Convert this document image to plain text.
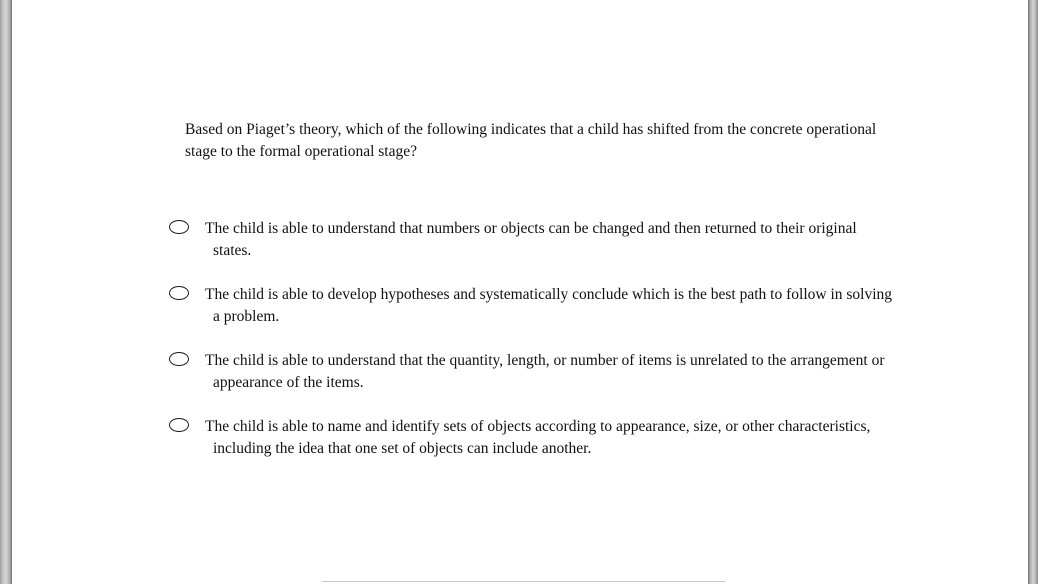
Based on Piaget’s theory, which of the following indicates that a child has shifted from the concrete operational stage to the formal operational stage?

The child is able to understand that numbers or objects can be changed and then returned to their original states.
The child is able to develop hypotheses and systematically conclude which is the best path to follow in solving a problem.
The child is able to understand that the quantity, length, or number of items is unrelated to the arrangement or appearance of the items.
The child is able to name and identify sets of objects according to appearance, size, or other characteristics, including the idea that one set of objects can include another.
